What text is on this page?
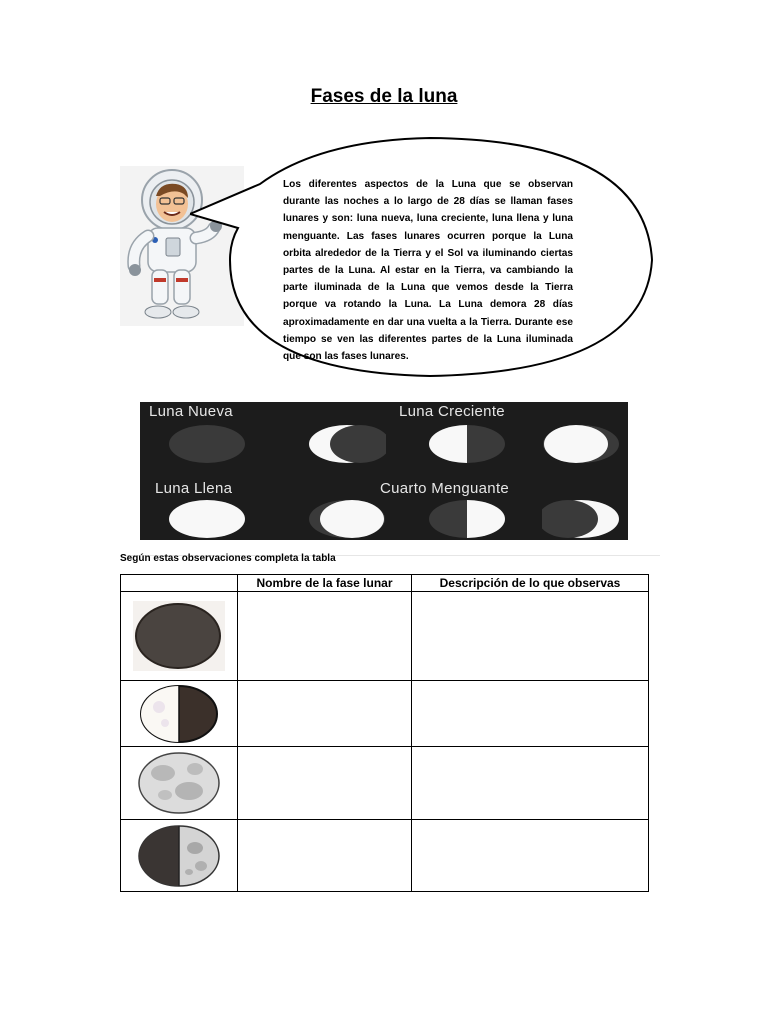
Fases de la luna
Los diferentes aspectos de la Luna que se observan durante las noches a lo largo de 28 días se llaman fases lunares y son: luna nueva, luna creciente, luna llena y luna menguante. Las fases lunares ocurren porque la Luna orbita alrededor de la Tierra y el Sol va iluminando ciertas partes de la Luna. Al estar en la Tierra, va cambiando la parte iluminada de la Luna que vemos desde la Tierra porque va rotando la Luna. La Luna demora 28 días aproximadamente en dar una vuelta a la Tierra. Durante ese tiempo se ven las diferentes partes de la Luna iluminada que son las fases lunares.
Luna Nueva	Luna Creciente
Luna Llena	Cuarto Menguante
Según estas observaciones completa la tabla
	Nombre de la fase lunar	Descripción de lo que observas
